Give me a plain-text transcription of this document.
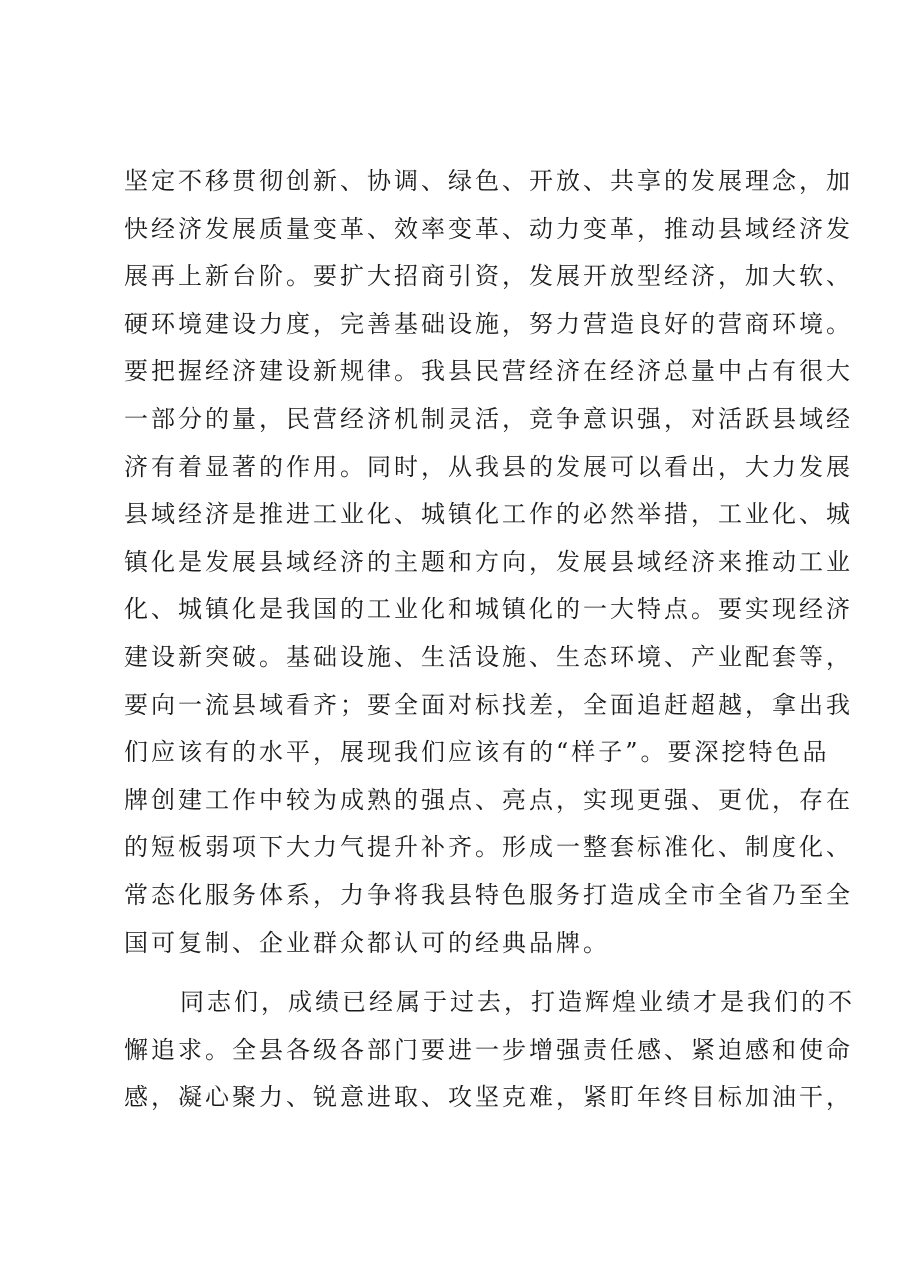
坚定不移贯彻创新、协调、绿色、开放、共享的发展理念，加
快经济发展质量变革、效率变革、动力变革，推动县域经济发
展再上新台阶。要扩大招商引资，发展开放型经济，加大软、
硬环境建设力度，完善基础设施，努力营造良好的营商环境。
要把握经济建设新规律。我县民营经济在经济总量中占有很大
一部分的量，民营经济机制灵活，竞争意识强，对活跃县域经
济有着显著的作用。同时，从我县的发展可以看出，大力发展
县域经济是推进工业化、城镇化工作的必然举措，工业化、城
镇化是发展县域经济的主题和方向，发展县域经济来推动工业
化、城镇化是我国的工业化和城镇化的一大特点。要实现经济
建设新突破。基础设施、生活设施、生态环境、产业配套等，
要向一流县域看齐；要全面对标找差，全面追赶超越，拿出我
们应该有的水平，展现我们应该有的“样子”。要深挖特色品
牌创建工作中较为成熟的强点、亮点，实现更强、更优，存在
的短板弱项下大力气提升补齐。形成一整套标准化、制度化、
常态化服务体系，力争将我县特色服务打造成全市全省乃至全
国可复制、企业群众都认可的经典品牌。
同志们，成绩已经属于过去，打造辉煌业绩才是我们的不
懈追求。全县各级各部门要进一步增强责任感、紧迫感和使命
感，凝心聚力、锐意进取、攻坚克难，紧盯年终目标加油干，
